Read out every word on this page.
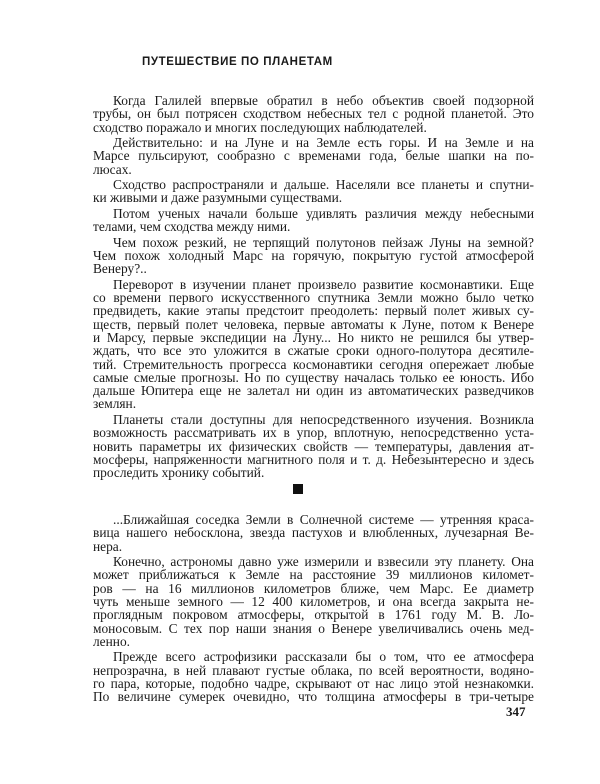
ПУТЕШЕСТВИЕ ПО ПЛАНЕТАМ
Когда Галилей впервые обратил в небо объектив своей подзорной
трубы, он был потрясен сходством небесных тел с родной планетой. Это
сходство поражало и многих последующих наблюдателей.
Действительно: и на Луне и на Земле есть горы. И на Земле и на
Марсе пульсируют, сообразно с временами года, белые шапки на по-
люсах.
Сходство распространяли и дальше. Населяли все планеты и спутни-
ки живыми и даже разумными существами.
Потом ученых начали больше удивлять различия между небесными
телами, чем сходства между ними.
Чем похож резкий, не терпящий полутонов пейзаж Луны на земной?
Чем похож холодный Марс на горячую, покрытую густой атмосферой
Венеру?..
Переворот в изучении планет произвело развитие космонавтики. Еще
со времени первого искусственного спутника Земли можно было четко
предвидеть, какие этапы предстоит преодолеть: первый полет живых су-
ществ, первый полет человека, первые автоматы к Луне, потом к Венере
и Марсу, первые экспедиции на Луну... Но никто не решился бы утвер-
ждать, что все это уложится в сжатые сроки одного-полутора десятиле-
тий. Стремительность прогресса космонавтики сегодня опережает любые
самые смелые прогнозы. Но по существу началась только ее юность. Ибо
дальше Юпитера еще не залетал ни один из автоматических разведчиков
землян.
Планеты стали доступны для непосредственного изучения. Возникла
возможность рассматривать их в упор, вплотную, непосредственно уста-
новить параметры их физических свойств — температуры, давления ат-
мосферы, напряженности магнитного поля и т. д. Небезынтересно и здесь
проследить хронику событий.
...Ближайшая соседка Земли в Солнечной системе — утренняя краса-
вица нашего небосклона, звезда пастухов и влюбленных, лучезарная Ве-
нера.
Конечно, астрономы давно уже измерили и взвесили эту планету. Она
может приближаться к Земле на расстояние 39 миллионов километ-
ров — на 16 миллионов километров ближе, чем Марс. Ее диаметр
чуть меньше земного — 12 400 километров, и она всегда закрыта не-
проглядным покровом атмосферы, открытой в 1761 году М. В. Ло-
моносовым. С тех пор наши знания о Венере увеличивались очень мед-
ленно.
Прежде всего астрофизики рассказали бы о том, что ее атмосфера
непрозрачна, в ней плавают густые облака, по всей вероятности, водяно-
го пара, которые, подобно чадре, скрывают от нас лицо этой незнакомки.
По величине сумерек очевидно, что толщина атмосферы в три-четыре
347
